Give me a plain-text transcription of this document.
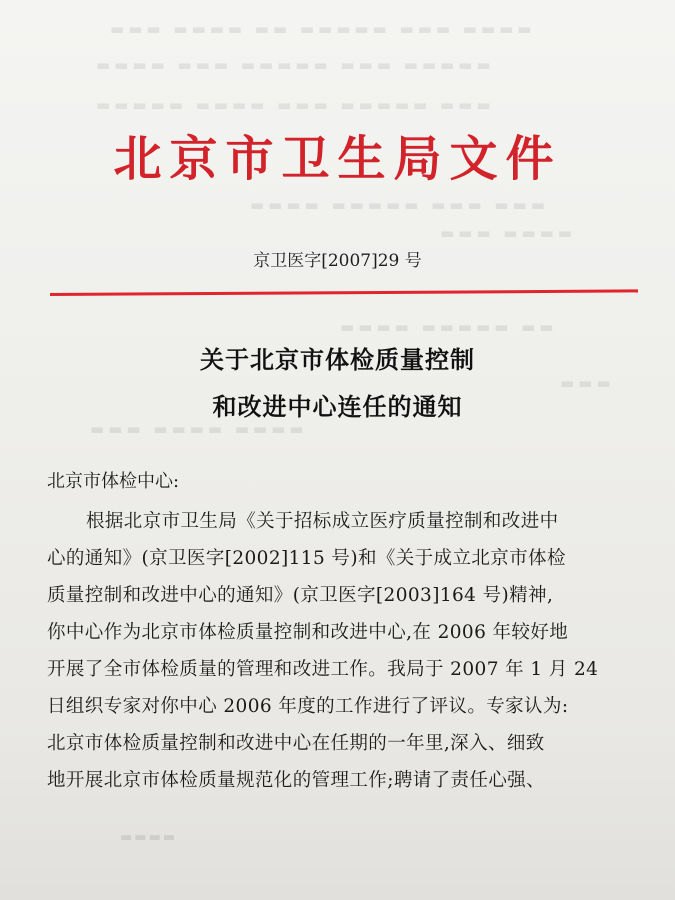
▬▬▬ ▬▬▬▬ ▬▬ ▬▬▬▬▬ ▬▬▬ ▬▬▬▬
▬▬▬▬ ▬▬▬ ▬▬▬▬▬ ▬▬▬ ▬▬▬▬▬
▬▬▬▬▬ ▬▬▬▬ ▬▬▬ ▬▬▬▬▬ ▬▬▬
▬▬▬▬ ▬▬▬▬▬ ▬▬▬ ▬▬▬
▬▬▬ ▬▬▬▬
▬▬▬▬ ▬▬▬▬▬ ▬▬
▬▬▬
▬▬▬ ▬▬▬▬ ▬▬▬▬
北京市卫生局文件
京卫医字[2007]29 号
关于北京市体检质量控制
和改进中心连任的通知
北京市体检中心:
根据北京市卫生局《关于招标成立医疗质量控制和改进中
心的通知》(京卫医字[2002]115 号)和《关于成立北京市体检
质量控制和改进中心的通知》(京卫医字[2003]164 号)精神,
你中心作为北京市体检质量控制和改进中心,在 2006 年较好地
开展了全市体检质量的管理和改进工作。我局于 2007 年 1 月 24
日组织专家对你中心 2006 年度的工作进行了评议。专家认为:
北京市体检质量控制和改进中心在任期的一年里,深入、细致
地开展北京市体检质量规范化的管理工作;聘请了责任心强、
▬▬▬▬
